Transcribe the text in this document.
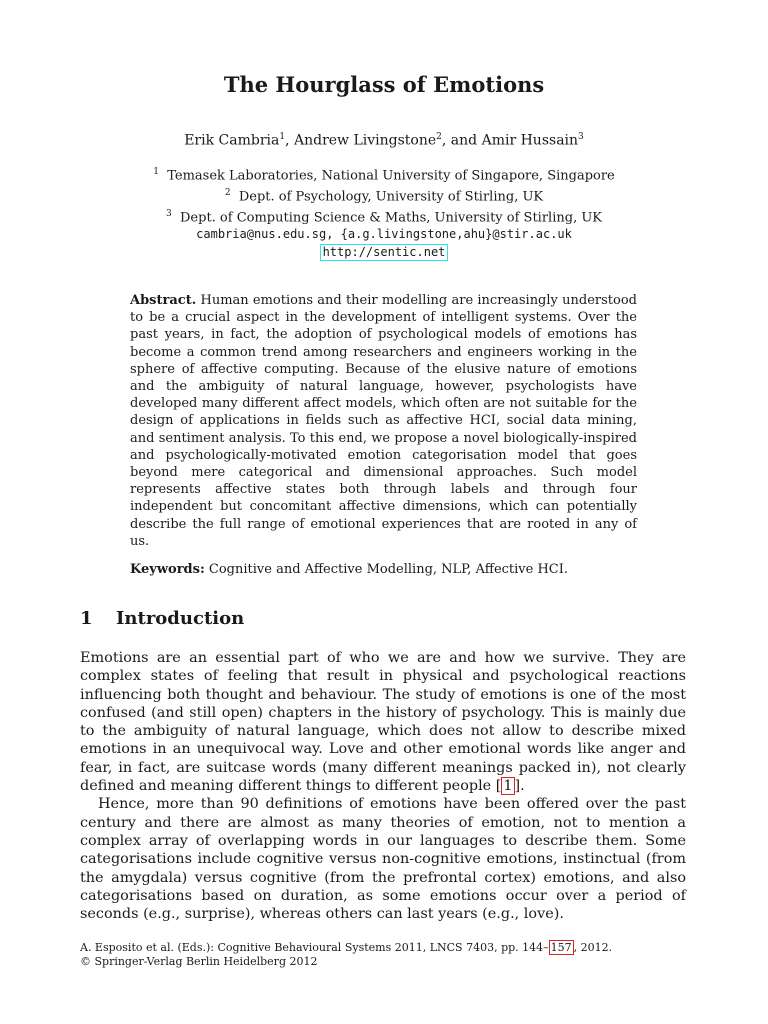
The Hourglass of Emotions
Erik Cambria$^1$, Andrew Livingstone$^2$, and Amir Hussain$^3$
$^1$ Temasek Laboratories, National University of Singapore, Singapore
$^2$ Dept. of Psychology, University of Stirling, UK
$^3$ Dept. of Computing Science & Maths, University of Stirling, UK
cambria@nus.edu.sg, {a.g.livingstone,ahu}@stir.ac.uk
http://sentic.net
Abstract. Human emotions and their modelling are increasingly understood to be a crucial aspect in the development of intelligent systems. Over the past years, in fact, the adoption of psychological models of emotions has become a common trend among researchers and engineers working in the sphere of affective computing. Because of the elusive nature of emotions and the ambiguity of natural language, however, psychologists have developed many different affect models, which often are not suitable for the design of applications in fields such as affective HCI, social data mining, and sentiment analysis. To this end, we propose a novel biologically-inspired and psychologically-motivated emotion categorisation model that goes beyond mere categorical and dimensional approaches. Such model represents affective states both through labels and through four independent but concomitant affective dimensions, which can potentially describe the full range of emotional experiences that are rooted in any of us.
Keywords: Cognitive and Affective Modelling, NLP, Affective HCI.
1 Introduction

Emotions are an essential part of who we are and how we survive. They are complex states of feeling that result in physical and psychological reactions influencing both thought and behaviour. The study of emotions is one of the most confused (and still open) chapters in the history of psychology. This is mainly due to the ambiguity of natural language, which does not allow to describe mixed emotions in an unequivocal way. Love and other emotional words like anger and fear, in fact, are suitcase words (many different meanings packed in), not clearly defined and meaning different things to different people [ 1 ].

Hence, more than 90 definitions of emotions have been offered over the past century and there are almost as many theories of emotion, not to mention a complex array of overlapping words in our languages to describe them. Some categorisations include cognitive versus non-cognitive emotions, instinctual (from the amygdala) versus cognitive (from the prefrontal cortex) emotions, and also categorisations based on duration, as some emotions occur over a period of seconds (e.g., surprise), whereas others can last years (e.g., love).

A. Esposito et al. (Eds.): Cognitive Behavioural Systems 2011, LNCS 7403, pp. 144– 157 , 2012.
© Springer-Verlag Berlin Heidelberg 2012
